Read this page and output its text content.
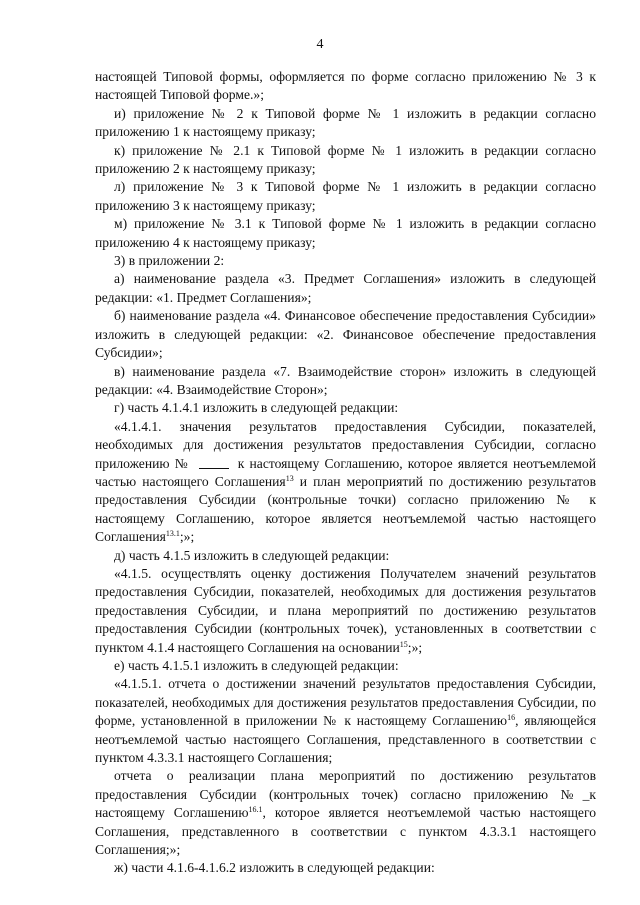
4

настоящей Типовой формы, оформляется по форме согласно приложению № 3 к настоящей Типовой форме.»;

и) приложение № 2 к Типовой форме № 1 изложить в редакции согласно приложению 1 к настоящему приказу;

к) приложение № 2.1 к Типовой форме № 1 изложить в редакции согласно приложению 2 к настоящему приказу;

л) приложение № 3 к Типовой форме № 1 изложить в редакции согласно приложению 3 к настоящему приказу;

м) приложение № 3.1 к Типовой форме № 1 изложить в редакции согласно приложению 4 к настоящему приказу;

3) в приложении 2:

а) наименование раздела «3. Предмет Соглашения» изложить в следующей редакции: «1. Предмет Соглашения»;

б) наименование раздела «4. Финансовое обеспечение предоставления Субсидии» изложить в следующей редакции: «2. Финансовое обеспечение предоставления Субсидии»;

в) наименование раздела «7. Взаимодействие сторон» изложить в следующей редакции: «4. Взаимодействие Сторон»;

г) часть 4.1.4.1 изложить в следующей редакции:

«4.1.4.1. значения результатов предоставления Субсидии, показателей, необходимых для достижения результатов предоставления Субсидии, согласно приложению №	к настоящему Соглашению, которое является неотъемлемой частью настоящего Соглашения$^{13}$ и план мероприятий по достижению результатов предоставления Субсидии (контрольные точки) согласно приложению № к настоящему Соглашению, которое является неотъемлемой частью настоящего Соглашения$^{13.1}$;»;

д) часть 4.1.5 изложить в следующей редакции:

«4.1.5. осуществлять оценку достижения Получателем значений результатов предоставления Субсидии, показателей, необходимых для достижения результатов предоставления Субсидии, и плана мероприятий по достижению результатов предоставления Субсидии (контрольных точек), установленных в соответствии с пунктом 4.1.4 настоящего Соглашения на основании$^{15}$;»;

е) часть 4.1.5.1 изложить в следующей редакции:

«4.1.5.1. отчета о достижении значений результатов предоставления Субсидии, показателей, необходимых для достижения результатов предоставления Субсидии, по форме, установленной в приложении № к настоящему Соглашению$^{16}$, являющейся неотъемлемой частью настоящего Соглашения, представленного в соответствии с пунктом 4.3.3.1 настоящего Соглашения;

отчета о реализации плана мероприятий по достижению результатов предоставления Субсидии (контрольных точек) согласно приложению №_к настоящему Соглашению$^{16.1}$, которое является неотъемлемой частью настоящего Соглашения, представленного в соответствии с пунктом 4.3.3.1 настоящего Соглашения;»;

ж) части 4.1.6-4.1.6.2 изложить в следующей редакции:
